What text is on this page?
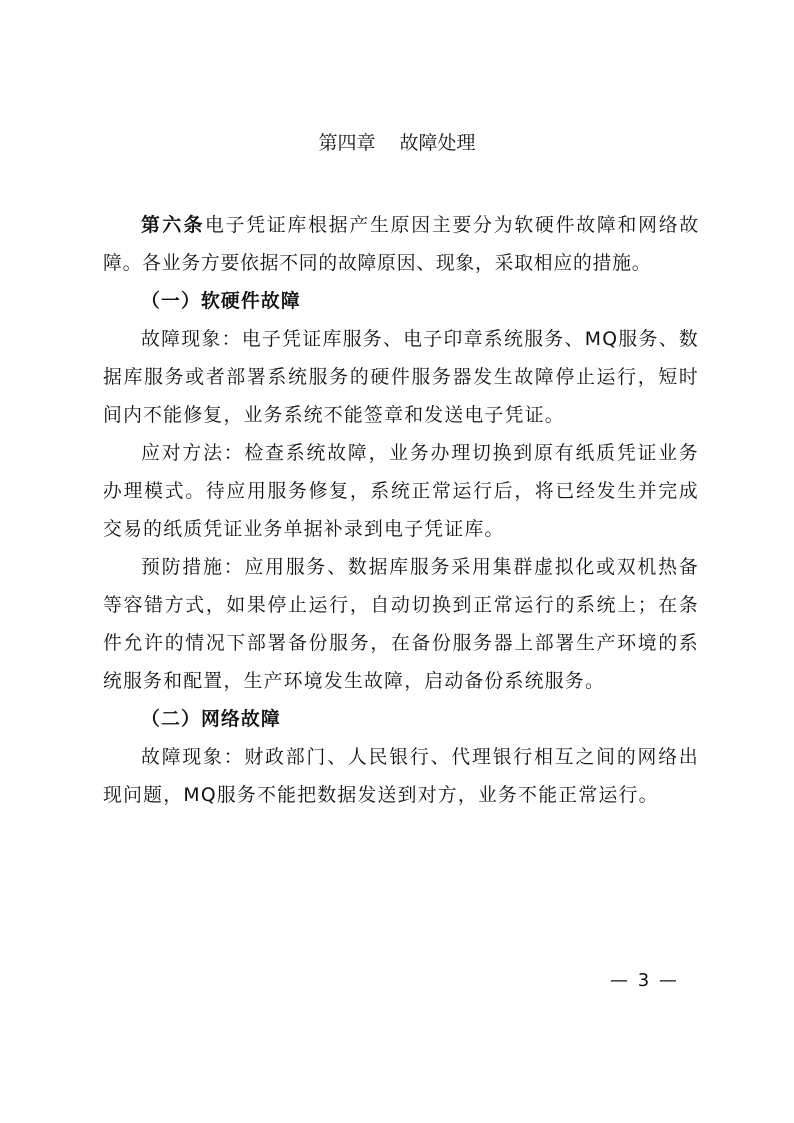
第四章 故障处理

第六条电子凭证库根据产生原因主要分为软硬件故障和网络故障。各业务方要依据不同的故障原因、现象，采取相应的措施。

（一）软硬件故障

故障现象：电子凭证库服务、电子印章系统服务、MQ服务、数据库服务或者部署系统服务的硬件服务器发生故障停止运行，短时间内不能修复，业务系统不能签章和发送电子凭证。

应对方法：检查系统故障，业务办理切换到原有纸质凭证业务办理模式。待应用服务修复，系统正常运行后，将已经发生并完成交易的纸质凭证业务单据补录到电子凭证库。

预防措施：应用服务、数据库服务采用集群虚拟化或双机热备等容错方式，如果停止运行，自动切换到正常运行的系统上；在条件允许的情况下部署备份服务，在备份服务器上部署生产环境的系统服务和配置，生产环境发生故障，启动备份系统服务。

（二）网络故障

故障现象：财政部门、人民银行、代理银行相互之间的网络出现问题，MQ服务不能把数据发送到对方，业务不能正常运行。

— 3 —
